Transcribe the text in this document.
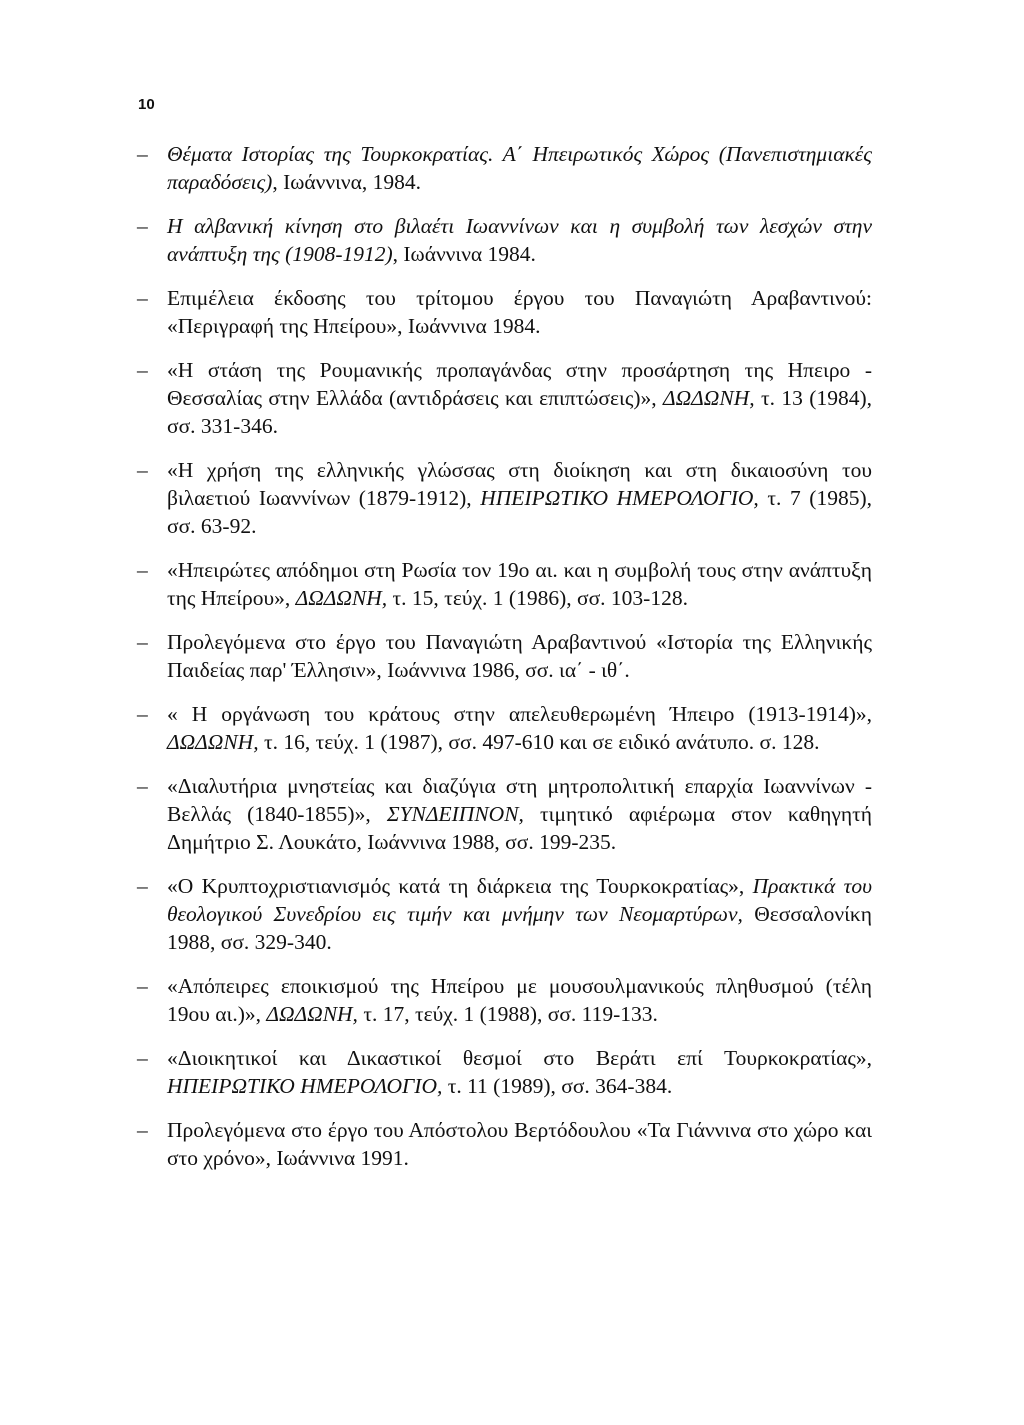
10
– Θέματα Ιστορίας της Τουρκοκρατίας. Α΄ Ηπειρωτικός Χώρος (Πανεπιστημιακές παραδόσεις), Ιωάννινα, 1984.
– Η αλβανική κίνηση στο βιλαέτι Ιωαννίνων και η συμβολή των λεσχών στην ανάπτυξη της (1908-1912), Ιωάννινα 1984.
– Επιμέλεια έκδοσης του τρίτομου έργου του Παναγιώτη Αραβαντινού: «Περιγραφή της Ηπείρου», Ιωάννινα 1984.
– «Η στάση της Ρουμανικής προπαγάνδας στην προσάρτηση της Ηπειρο - Θεσσαλίας στην Ελλάδα (αντιδράσεις και επιπτώσεις)», ΔΩΔΩΝΗ, τ. 13 (1984), σσ. 331-346.
– «Η χρήση της ελληνικής γλώσσας στη διοίκηση και στη δικαιοσύνη του βιλαετιού Ιωαννίνων (1879-1912), ΗΠΕΙΡΩΤΙΚΟ ΗΜΕΡΟΛΟΓΙΟ, τ. 7 (1985), σσ. 63-92.
– «Ηπειρώτες απόδημοι στη Ρωσία τον 19ο αι. και η συμβολή τους στην ανάπτυξη της Ηπείρου», ΔΩΔΩΝΗ, τ. 15, τεύχ. 1 (1986), σσ. 103-128.
– Προλεγόμενα στο έργο του Παναγιώτη Αραβαντινού «Ιστορία της Ελληνικής Παιδείας παρ' Έλλησιν», Ιωάννινα 1986, σσ. ια΄ - ιθ΄.
– « Η οργάνωση του κράτους στην απελευθερωμένη Ήπειρο (1913-1914)», ΔΩΔΩΝΗ, τ. 16, τεύχ. 1 (1987), σσ. 497-610 και σε ειδικό ανάτυπο. σ. 128.
– «Διαλυτήρια μνηστείας και διαζύγια στη μητροπολιτική επαρχία Ιωαννίνων - Βελλάς (1840-1855)», ΣΥΝΔΕΙΠΝΟΝ, τιμητικό αφιέρωμα στον καθηγητή Δημήτριο Σ. Λουκάτο, Ιωάννινα 1988, σσ. 199-235.
– «Ο Κρυπτοχριστιανισμός κατά τη διάρκεια της Τουρκοκρατίας», Πρακτικά του θεολογικού Συνεδρίου εις τιμήν και μνήμην των Νεομαρτύρων, Θεσσαλονίκη 1988, σσ. 329-340.
– «Απόπειρες εποικισμού της Ηπείρου με μουσουλμανικούς πληθυσμού (τέλη 19ου αι.)», ΔΩΔΩΝΗ, τ. 17, τεύχ. 1 (1988), σσ. 119-133.
– «Διοικητικοί και Δικαστικοί θεσμοί στο Βεράτι επί Τουρκοκρατίας», ΗΠΕΙΡΩΤΙΚΟ ΗΜΕΡΟΛΟΓΙΟ, τ. 11 (1989), σσ. 364-384.
– Προλεγόμενα στο έργο του Απόστολου Βερτόδουλου «Τα Γιάννινα στο χώρο και στο χρόνο», Ιωάννινα 1991.
